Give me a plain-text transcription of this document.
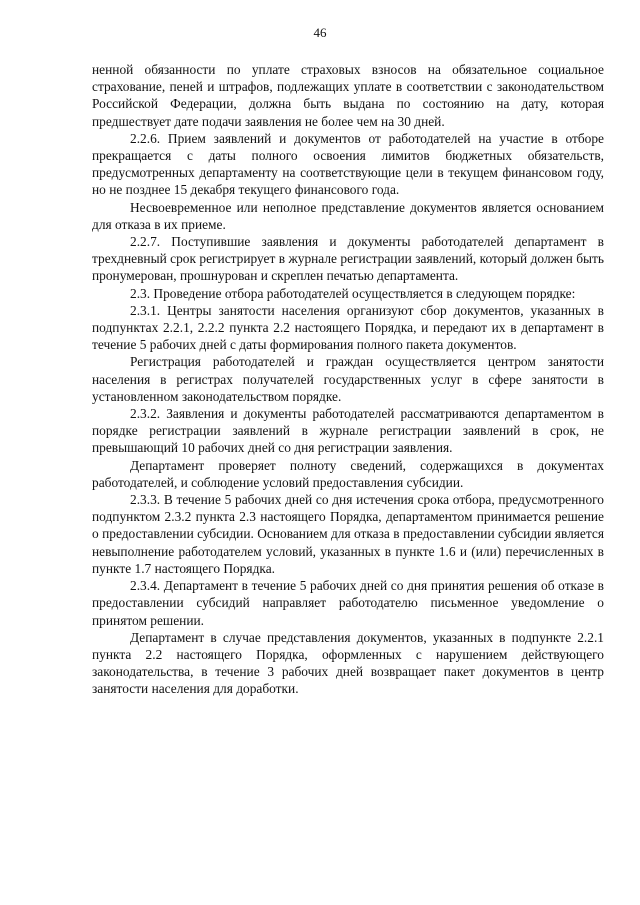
46

ненной обязанности по уплате страховых взносов на обязательное социальное страхование, пеней и штрафов, подлежащих уплате в соответствии с законодательством Российской Федерации, должна быть выдана по состоянию на дату, которая предшествует дате подачи заявления не более чем на 30 дней.

2.2.6. Прием заявлений и документов от работодателей на участие в отборе прекращается с даты полного освоения лимитов бюджетных обязательств, предусмотренных департаменту на соответствующие цели в текущем финансовом году, но не позднее 15 декабря текущего финансового года.

Несвоевременное или неполное представление документов является основанием для отказа в их приеме.

2.2.7. Поступившие заявления и документы работодателей департамент в трехдневный срок регистрирует в журнале регистрации заявлений, который должен быть пронумерован, прошнурован и скреплен печатью департамента.

2.3. Проведение отбора работодателей осуществляется в следующем порядке:

2.3.1. Центры занятости населения организуют сбор документов, указанных в подпунктах 2.2.1, 2.2.2 пункта 2.2 настоящего Порядка, и передают их в департамент в течение 5 рабочих дней с даты формирования полного пакета документов.

Регистрация работодателей и граждан осуществляется центром занятости населения в регистрах получателей государственных услуг в сфере занятости в установленном законодательством порядке.

2.3.2. Заявления и документы работодателей рассматриваются департаментом в порядке регистрации заявлений в журнале регистрации заявлений в срок, не превышающий 10 рабочих дней со дня регистрации заявления.

Департамент проверяет полноту сведений, содержащихся в документах работодателей, и соблюдение условий предоставления субсидии.

2.3.3. В течение 5 рабочих дней со дня истечения срока отбора, предусмотренного подпунктом 2.3.2 пункта 2.3 настоящего Порядка, департаментом принимается решение о предоставлении субсидии. Основанием для отказа в предоставлении субсидии является невыполнение работодателем условий, указанных в пункте 1.6 и (или) перечисленных в пункте 1.7 настоящего Порядка.

2.3.4. Департамент в течение 5 рабочих дней со дня принятия решения об отказе в предоставлении субсидий направляет работодателю письменное уведомление о принятом решении.

Департамент в случае представления документов, указанных в подпункте 2.2.1 пункта 2.2 настоящего Порядка, оформленных с нарушением действующего законодательства, в течение 3 рабочих дней возвращает пакет документов в центр занятости населения для доработки.
